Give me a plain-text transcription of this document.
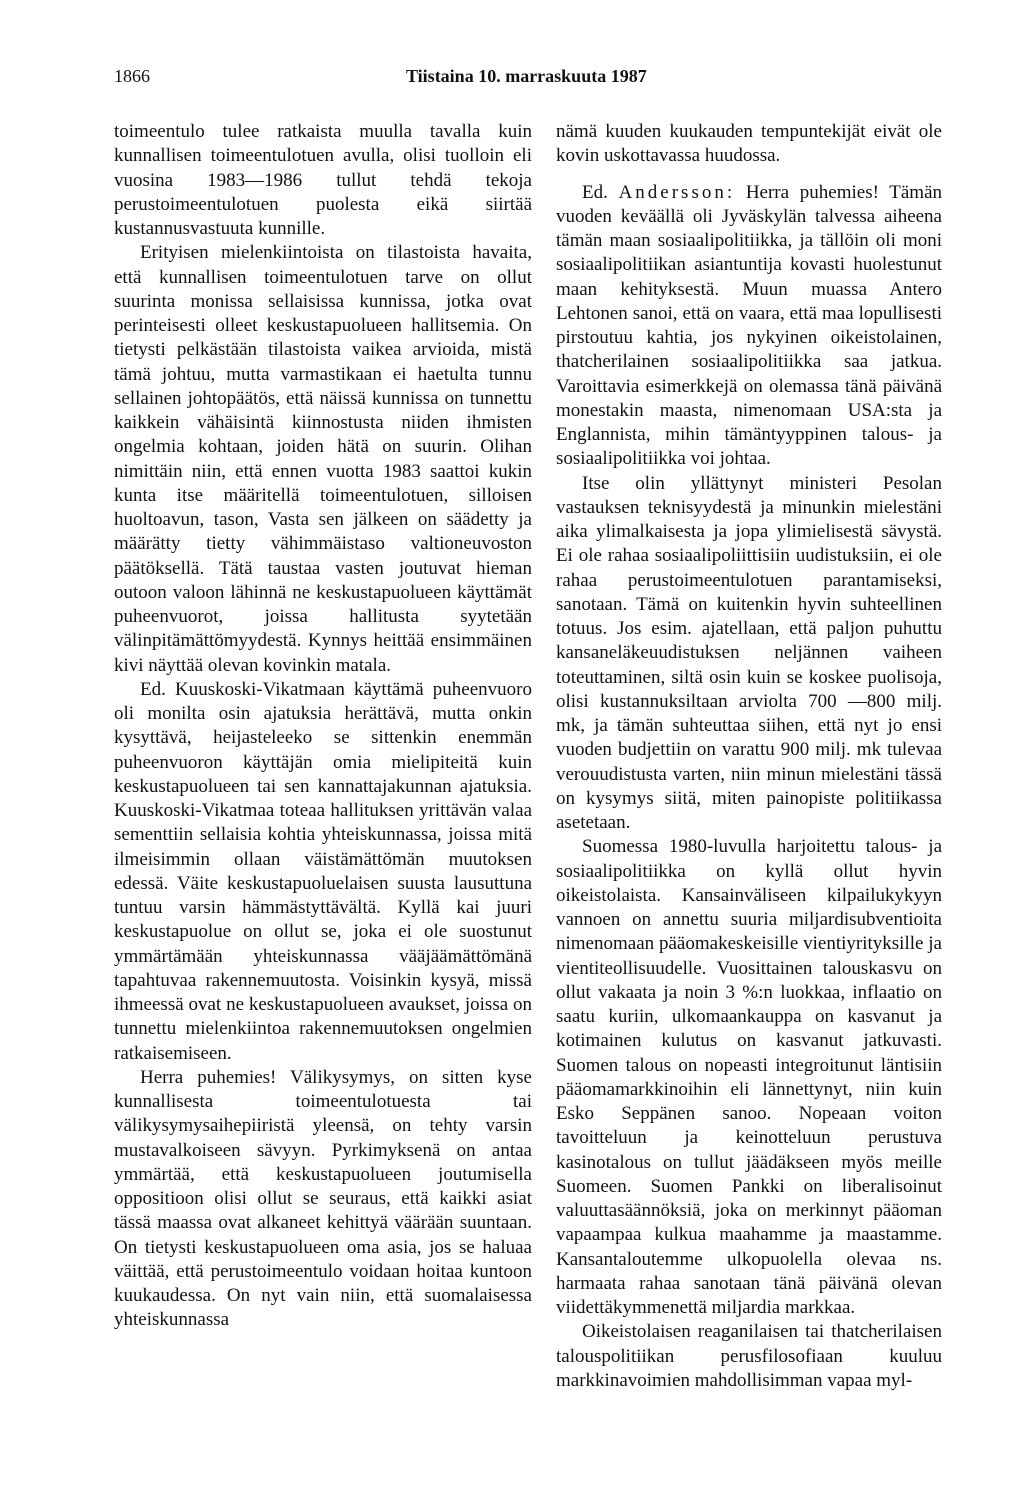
1866	Tiistaina 10. marraskuuta 1987

toimeentulo tulee ratkaista muulla tavalla kuin kunnallisen toimeentulotuen avulla, olisi tuolloin eli vuosina 1983—1986 tullut tehdä tekoja perustoimeentulotuen puolesta eikä siirtää kustannusvastuuta kunnille.

Erityisen mielenkiintoista on tilastoista havaita, että kunnallisen toimeentulotuen tarve on ollut suurinta monissa sellaisissa kunnissa, jotka ovat perinteisesti olleet keskustapuolueen hallitsemia. On tietysti pelkästään tilastoista vaikea arvioida, mistä tämä johtuu, mutta varmastikaan ei haetulta tunnu sellainen johtopäätös, että näissä kunnissa on tunnettu kaikkein vähäisintä kiinnostusta niiden ihmisten ongelmia kohtaan, joiden hätä on suurin. Olihan nimittäin niin, että ennen vuotta 1983 saattoi kukin kunta itse määritellä toimeentulotuen, silloisen huoltoavun, tason, Vasta sen jälkeen on säädetty ja määrätty tietty vähimmäistaso valtioneuvoston päätöksellä. Tätä taustaa vasten joutuvat hieman outoon valoon lähinnä ne keskustapuolueen käyttämät puheenvuorot, joissa hallitusta syytetään välinpitämättömyydestä. Kynnys heittää ensimmäinen kivi näyttää olevan kovinkin matala.

Ed. Kuuskoski-Vikatmaan käyttämä puheenvuoro oli monilta osin ajatuksia herättävä, mutta onkin kysyttävä, heijasteleeko se sittenkin enemmän puheenvuoron käyttäjän omia mielipiteitä kuin keskustapuolueen tai sen kannattajakunnan ajatuksia. Kuuskoski-Vikatmaa toteaa hallituksen yrittävän valaa sementtiin sellaisia kohtia yhteiskunnassa, joissa mitä ilmeisimmin ollaan väistämättömän muutoksen edessä. Väite keskustapuoluelaisen suusta lausuttuna tuntuu varsin hämmästyttävältä. Kyllä kai juuri keskustapuolue on ollut se, joka ei ole suostunut ymmärtämään yhteiskunnassa vääjäämättömänä tapahtuvaa rakennemuutosta. Voisinkin kysyä, missä ihmeessä ovat ne keskustapuolueen avaukset, joissa on tunnettu mielenkiintoa rakennemuutoksen ongelmien ratkaisemiseen.

Herra puhemies! Välikysymys, on sitten kyse kunnallisesta toimeentulotuesta tai välikysymysaihepiiristä yleensä, on tehty varsin mustavalkoiseen sävyyn. Pyrkimyksenä on antaa ymmärtää, että keskustapuolueen joutumisella oppositioon olisi ollut se seuraus, että kaikki asiat tässä maassa ovat alkaneet kehittyä väärään suuntaan. On tietysti keskustapuolueen oma asia, jos se haluaa väittää, että perustoimeentulo voidaan hoitaa kuntoon kuukaudessa. On nyt vain niin, että suomalaisessa yhteiskunnassa

nämä kuuden kuukauden tempuntekijät eivät ole kovin uskottavassa huudossa.

Ed. Andersson: Herra puhemies! Tämän vuoden keväällä oli Jyväskylän talvessa aiheena tämän maan sosiaalipolitiikka, ja tällöin oli moni sosiaalipolitiikan asiantuntija kovasti huolestunut maan kehityksestä. Muun muassa Antero Lehtonen sanoi, että on vaara, että maa lopullisesti pirstoutuu kahtia, jos nykyinen oikeistolainen, thatcherilainen sosiaalipolitiikka saa jatkua. Varoittavia esimerkkejä on olemassa tänä päivänä monestakin maasta, nimenomaan USA:sta ja Englannista, mihin tämäntyyppinen talous- ja sosiaalipolitiikka voi johtaa.

Itse olin yllättynyt ministeri Pesolan vastauksen teknisyydestä ja minunkin mielestäni aika ylimalkaisesta ja jopa ylimielisestä sävystä. Ei ole rahaa sosiaalipoliittisiin uudistuksiin, ei ole rahaa perustoimeentulotuen parantamiseksi, sanotaan. Tämä on kuitenkin hyvin suhteellinen totuus. Jos esim. ajatellaan, että paljon puhuttu kansaneläkeuudistuksen neljännen vaiheen toteuttaminen, siltä osin kuin se koskee puolisoja, olisi kustannuksiltaan arviolta 700 —800 milj. mk, ja tämän suhteuttaa siihen, että nyt jo ensi vuoden budjettiin on varattu 900 milj. mk tulevaa verouudistusta varten, niin minun mielestäni tässä on kysymys siitä, miten painopiste politiikassa asetetaan.

Suomessa 1980-luvulla harjoitettu talous- ja sosiaalipolitiikka on kyllä ollut hyvin oikeistolaista. Kansainväliseen kilpailukykyyn vannoen on annettu suuria miljardisubventioita nimenomaan pääomakeskeisille vientiyrityksille ja vientiteollisuudelle. Vuosittainen talouskasvu on ollut vakaata ja noin 3 %:n luokkaa, inflaatio on saatu kuriin, ulkomaankauppa on kasvanut ja kotimainen kulutus on kasvanut jatkuvasti. Suomen talous on nopeasti integroitunut läntisiin pääomamarkkinoihin eli lännettynyt, niin kuin Esko Seppänen sanoo. Nopeaan voiton tavoitteluun ja keinotteluun perustuva kasinotalous on tullut jäädäkseen myös meille Suomeen. Suomen Pankki on liberalisoinut valuuttasäännöksiä, joka on merkinnyt pääoman vapaampaa kulkua maahamme ja maastamme. Kansantaloutemme ulkopuolella olevaa ns. harmaata rahaa sanotaan tänä päivänä olevan viidettäkymmenettä miljardia markkaa.

Oikeistolaisen reaganilaisen tai thatcherilaisen talouspolitiikan perusfilosofiaan kuuluu markkinavoimien mahdollisimman vapaa myl-
